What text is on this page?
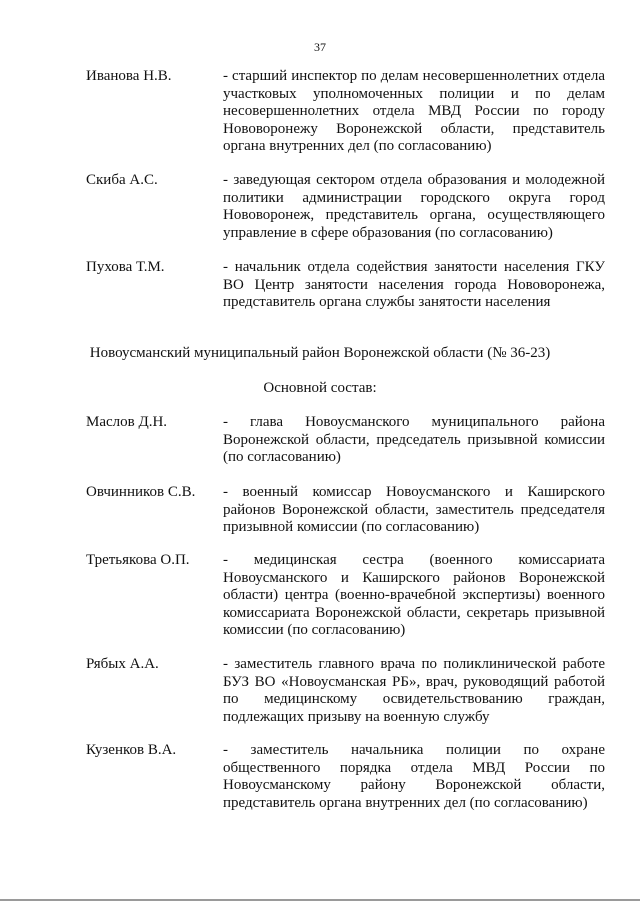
37
Иванова Н.В.	- старший инспектор по делам несовершеннолетних отдела участковых уполномоченных полиции и по делам несовершеннолетних отдела МВД России по городу Нововоронежу Воронежской области, представитель органа внутренних дел (по согласованию)
Скиба А.С.	- заведующая сектором отдела образования и молодежной политики администрации городского округа город Нововоронеж, представитель органа, осуществляющего управление в сфере образования (по согласованию)
Пухова Т.М.	- начальник отдела содействия занятости населения ГКУ ВО Центр занятости населения города Нововоронежа, представитель органа службы занятости населения
Новоусманский муниципальный район Воронежской области (№ 36-23)
Основной состав:
Маслов Д.Н.	- глава Новоусманского муниципального района Воронежской области, председатель призывной комиссии (по согласованию)
Овчинников С.В.	- военный комиссар Новоусманского и Каширского районов Воронежской области, заместитель председателя призывной комиссии (по согласованию)
Третьякова О.П.	- медицинская сестра (военного комиссариата Новоусманского и Каширского районов Воронежской области) центра (военно-врачебной экспертизы) военного комиссариата Воронежской области, секретарь призывной комиссии (по согласованию)
Рябых А.А.	- заместитель главного врача по поликлинической работе БУЗ ВО «Новоусманская РБ», врач, руководящий работой по медицинскому освидетельствованию граждан, подлежащих призыву на военную службу
Кузенков В.А.	- заместитель начальника полиции по охране общественного порядка отдела МВД России по Новоусманскому району Воронежской области, представитель органа внутренних дел (по согласованию)
